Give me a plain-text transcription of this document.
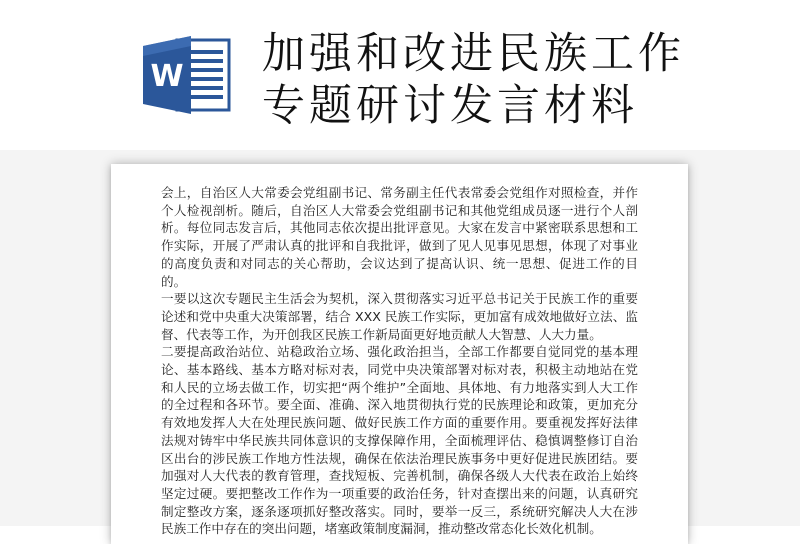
W 加强和改进民族工作
专题研讨发言材料

会上，自治区人大常委会党组副书记、常务副主任代表常委会党组作对照检查，并作个人检视剖析。随后，自治区人大常委会党组副书记和其他党组成员逐一进行个人剖析。每位同志发言后，其他同志依次提出批评意见。大家在发言中紧密联系思想和工作实际，开展了严肃认真的批评和自我批评，做到了见人见事见思想，体现了对事业的高度负责和对同志的关心帮助，会议达到了提高认识、统一思想、促进工作的目的。

一要以这次专题民主生活会为契机，深入贯彻落实习近平总书记关于民族工作的重要论述和党中央重大决策部署，结合 XXX 民族工作实际，更加富有成效地做好立法、监督、代表等工作，为开创我区民族工作新局面更好地贡献人大智慧、人大力量。

二要提高政治站位、站稳政治立场、强化政治担当，全部工作都要自觉同党的基本理论、基本路线、基本方略对标对表，同党中央决策部署对标对表，积极主动地站在党和人民的立场去做工作，切实把“两个维护”全面地、具体地、有力地落实到人大工作的全过程和各环节。要全面、准确、深入地贯彻执行党的民族理论和政策，更加充分有效地发挥人大在处理民族问题、做好民族工作方面的重要作用。要重视发挥好法律法规对铸牢中华民族共同体意识的支撑保障作用，全面梳理评估、稳慎调整修订自治区出台的涉民族工作地方性法规，确保在依法治理民族事务中更好促进民族团结。要加强对人大代表的教育管理，查找短板、完善机制，确保各级人大代表在政治上始终坚定过硬。要把整改工作作为一项重要的政治任务，针对查摆出来的问题，认真研究制定整改方案，逐条逐项抓好整改落实。同时，要举一反三，系统研究解决人大在涉民族工作中存在的突出问题，堵塞政策制度漏洞，推动整改常态化长效化机制。
